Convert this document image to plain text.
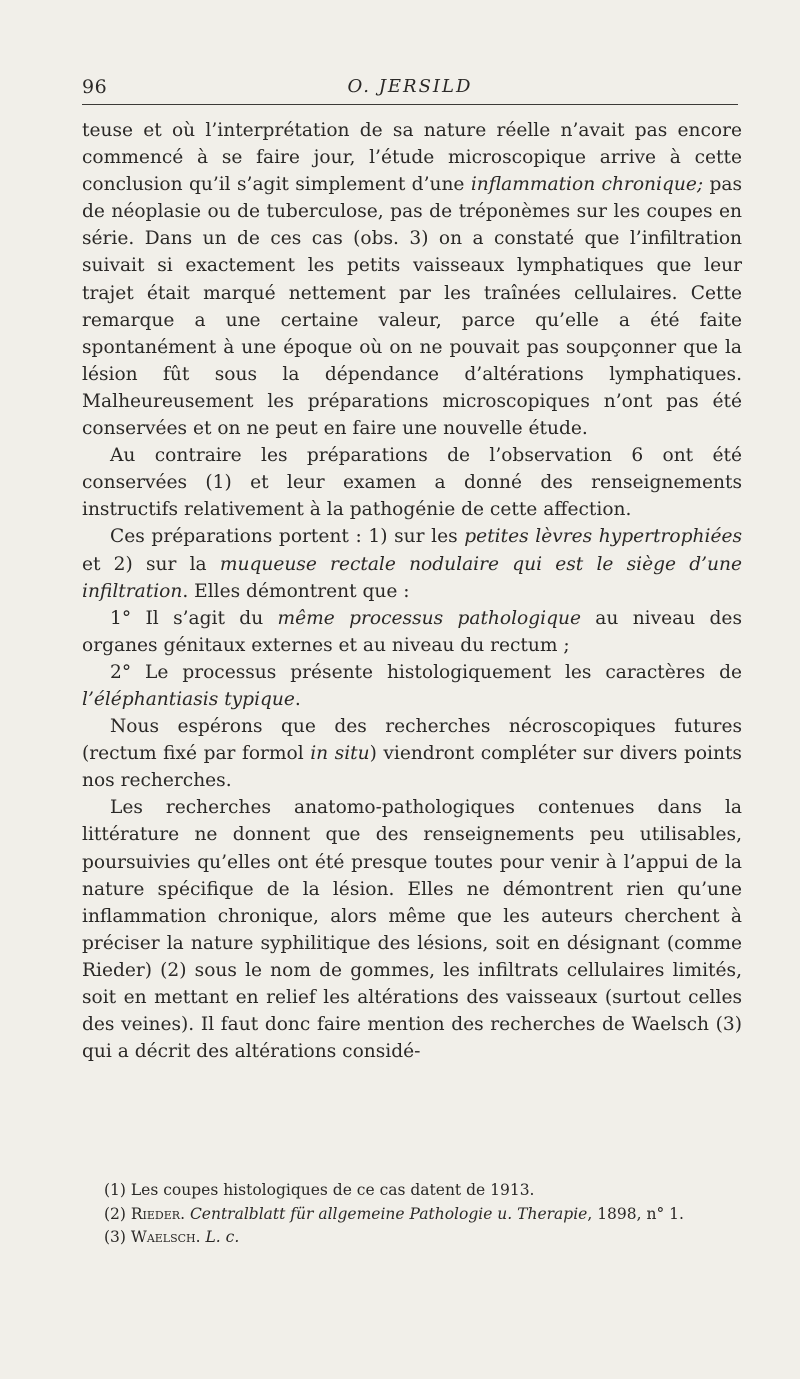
96	O. JERSILD

teuse et où l’interprétation de sa nature réelle n’avait pas encore commencé à se faire jour, l’étude microscopique arrive à cette conclusion qu’il s’agit simplement d’une inflammation chronique; pas de néoplasie ou de tuberculose, pas de tréponèmes sur les coupes en série. Dans un de ces cas (obs. 3) on a constaté que l’infiltration suivait si exactement les petits vaisseaux lymphatiques que leur trajet était marqué nettement par les traînées cellulaires. Cette remarque a une certaine valeur, parce qu’elle a été faite spontanément à une époque où on ne pouvait pas soupçonner que la lésion fût sous la dépendance d’altérations lymphatiques. Malheureusement les préparations microscopiques n’ont pas été conservées et on ne peut en faire une nouvelle étude.

Au contraire les préparations de l’observation 6 ont été conservées (1) et leur examen a donné des renseignements instructifs relativement à la pathogénie de cette affection.

Ces préparations portent : 1) sur les petites lèvres hypertrophiées et 2) sur la muqueuse rectale nodulaire qui est le siège d’une infiltration. Elles démontrent que :

1° Il s’agit du même processus pathologique au niveau des organes génitaux externes et au niveau du rectum ;

2° Le processus présente histologiquement les caractères de l’éléphantiasis typique.

Nous espérons que des recherches nécroscopiques futures (rectum fixé par formol in situ) viendront compléter sur divers points nos recherches.

Les recherches anatomo-pathologiques contenues dans la littérature ne donnent que des renseignements peu utilisables, poursuivies qu’elles ont été presque toutes pour venir à l’appui de la nature spécifique de la lésion. Elles ne démontrent rien qu’une inflammation chronique, alors même que les auteurs cherchent à préciser la nature syphilitique des lésions, soit en désignant (comme Rieder) (2) sous le nom de gommes, les infiltrats cellulaires limités, soit en mettant en relief les altérations des vaisseaux (surtout celles des veines). Il faut donc faire mention des recherches de Waelsch (3) qui a décrit des altérations considé-

(1) Les coupes histologiques de ce cas datent de 1913.

(2) Rieder. Centralblatt für allgemeine Pathologie u. Therapie, 1898, n° 1.

(3) Waelsch. L. c.
